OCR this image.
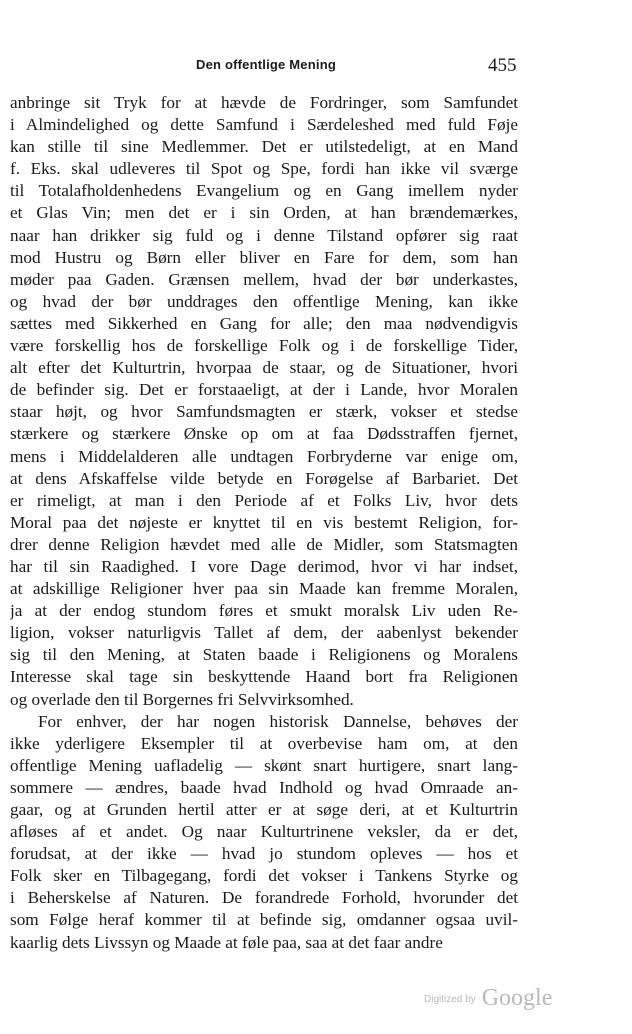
Den offentlige Mening	455
anbringe sit Tryk for at hævde de Fordringer, som Samfundet
i Almindelighed og dette Samfund i Særdeleshed med fuld Føje
kan stille til sine Medlemmer. Det er utilstedeligt, at en Mand
f. Eks. skal udleveres til Spot og Spe, fordi han ikke vil sværge
til Totalafholdenhedens Evangelium og en Gang imellem nyder
et Glas Vin; men det er i sin Orden, at han brændemærkes,
naar han drikker sig fuld og i denne Tilstand opfører sig raat
mod Hustru og Børn eller bliver en Fare for dem, som han
møder paa Gaden. Grænsen mellem, hvad der bør underkastes,
og hvad der bør unddrages den offentlige Mening, kan ikke
sættes med Sikkerhed en Gang for alle; den maa nødvendigvis
være forskellig hos de forskellige Folk og i de forskellige Tider,
alt efter det Kulturtrin, hvorpaa de staar, og de Situationer, hvori
de befinder sig. Det er forstaaeligt, at der i Lande, hvor Moralen
staar højt, og hvor Samfundsmagten er stærk, vokser et stedse
stærkere og stærkere Ønske op om at faa Dødsstraffen fjernet,
mens i Middelalderen alle undtagen Forbryderne var enige om,
at dens Afskaffelse vilde betyde en Forøgelse af Barbariet. Det
er rimeligt, at man i den Periode af et Folks Liv, hvor dets
Moral paa det nøjeste er knyttet til en vis bestemt Religion, for-
drer denne Religion hævdet med alle de Midler, som Statsmagten
har til sin Raadighed. I vore Dage derimod, hvor vi har indset,
at adskillige Religioner hver paa sin Maade kan fremme Moralen,
ja at der endog stundom føres et smukt moralsk Liv uden Re-
ligion, vokser naturligvis Tallet af dem, der aabenlyst bekender
sig til den Mening, at Staten baade i Religionens og Moralens
Interesse skal tage sin beskyttende Haand bort fra Religionen
og overlade den til Borgernes fri Selvvirksomhed.
For enhver, der har nogen historisk Dannelse, behøves der
ikke yderligere Eksempler til at overbevise ham om, at den
offentlige Mening uafladelig — skønt snart hurtigere, snart lang-
sommere — ændres, baade hvad Indhold og hvad Omraade an-
gaar, og at Grunden hertil atter er at søge deri, at et Kulturtrin
afløses af et andet. Og naar Kulturtrinene veksler, da er det,
forudsat, at der ikke — hvad jo stundom opleves — hos et
Folk sker en Tilbagegang, fordi det vokser i Tankens Styrke og
i Beherskelse af Naturen. De forandrede Forhold, hvorunder det
som Følge heraf kommer til at befinde sig, omdanner ogsaa uvil-
kaarlig dets Livssyn og Maade at føle paa, saa at det faar andre
Digitized by Google
